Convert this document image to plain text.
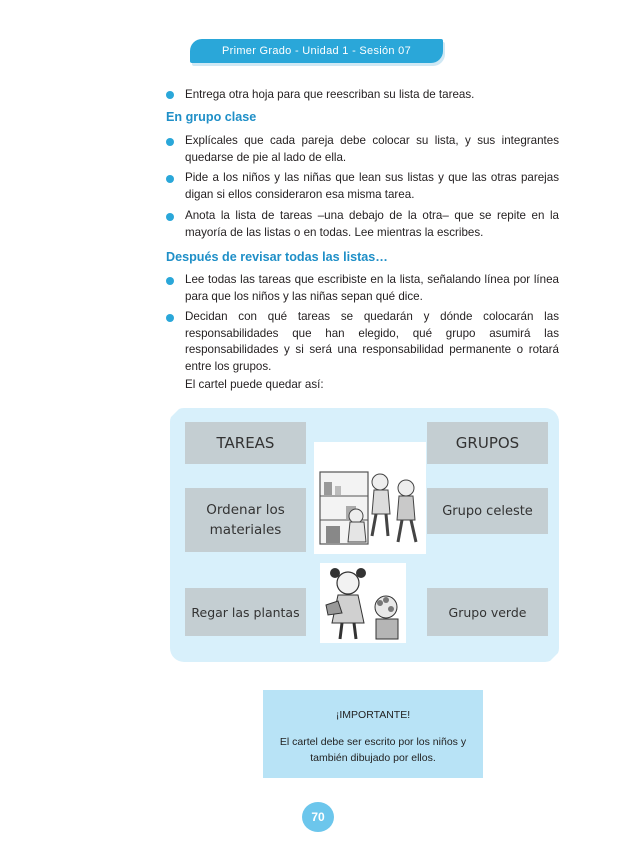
Primer Grado - Unidad 1 - Sesión 07
Entrega otra hoja para que reescriban su lista de tareas.
En grupo clase
Explícales que cada pareja debe colocar su lista, y sus integrantes
quedarse de pie al lado de ella.
Pide a los niños y las niñas que lean sus listas y que las otras parejas
digan si ellos consideraron esa misma tarea.
Anota la lista de tareas –una debajo de la otra– que se repite en la
mayoría de las listas o en todas. Lee mientras la escribes.
Después de revisar todas las listas…
Lee todas las tareas que escribiste en la lista, señalando línea por línea
para que los niños y las niñas sepan qué dice.
Decidan con qué tareas se quedarán y dónde colocarán las
responsabilidades que han elegido, qué grupo asumirá las
responsabilidades y si será una responsabilidad permanente o rotará
entre los grupos.
El cartel puede quedar así:
TAREAS	GRUPOS
Ordenar los
materiales
Grupo celeste
Regar las plantas	Grupo verde
¡IMPORTANTE!
El cartel debe ser escrito por los niños y
también dibujado por ellos.
70
